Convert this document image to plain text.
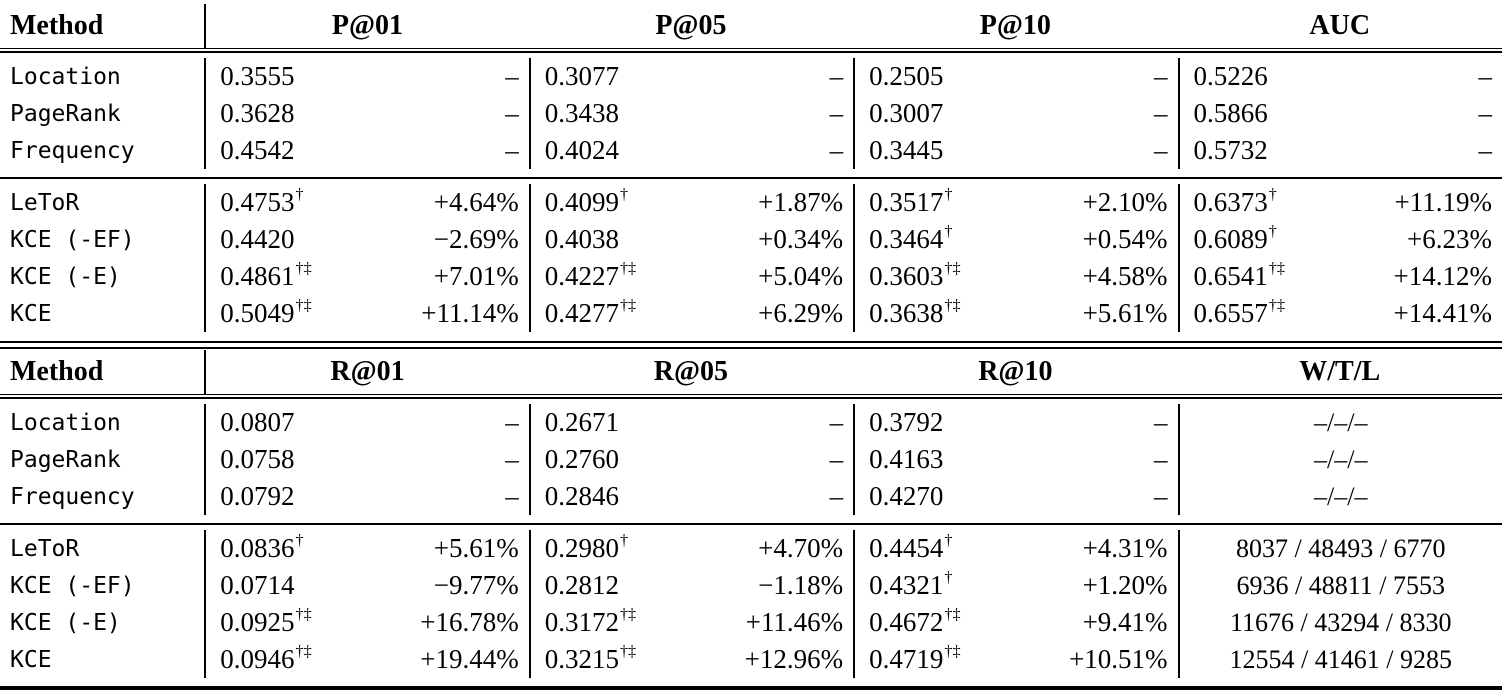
Method	P@01	P@05	P@10	AUC
Location	0.3555	– 0.3077	– 0.2505	– 0.5226	–
PageRank	0.3628	– 0.3438	– 0.3007	– 0.5866	–
Frequency	0.4542	– 0.4024	– 0.3445	– 0.5732	–
LeToR	0.4753†	+4.64% 0.4099†	+1.87% 0.3517†	+2.10% 0.6373†	+11.19%
KCE (-EF)	0.4420	−2.69% 0.4038	+0.34% 0.3464†	+0.54% 0.6089†	+6.23%
KCE (-E)	0.4861†‡	+7.01% 0.4227†‡	+5.04% 0.3603†‡	+4.58% 0.6541†‡	+14.12%
KCE	0.5049†‡	+11.14% 0.4277†‡	+6.29% 0.3638†‡	+5.61% 0.6557†‡	+14.41%
Method	R@01	R@05	R@10	W/T/L
Location	0.0807	– 0.2671	– 0.3792	–	–/–/–
PageRank	0.0758	– 0.2760	– 0.4163	–	–/–/–
Frequency	0.0792	– 0.2846	– 0.4270	–	–/–/–
LeToR	0.0836†	+5.61% 0.2980†	+4.70% 0.4454†	+4.31%	8037 / 48493 / 6770
KCE (-EF)	0.0714	−9.77% 0.2812	−1.18% 0.4321†	+1.20%	6936 / 48811 / 7553
KCE (-E)	0.0925†‡	+16.78% 0.3172†‡	+11.46% 0.4672†‡	+9.41%	11676 / 43294 / 8330
KCE	0.0946†‡	+19.44% 0.3215†‡	+12.96% 0.4719†‡	+10.51%	12554 / 41461 / 9285
